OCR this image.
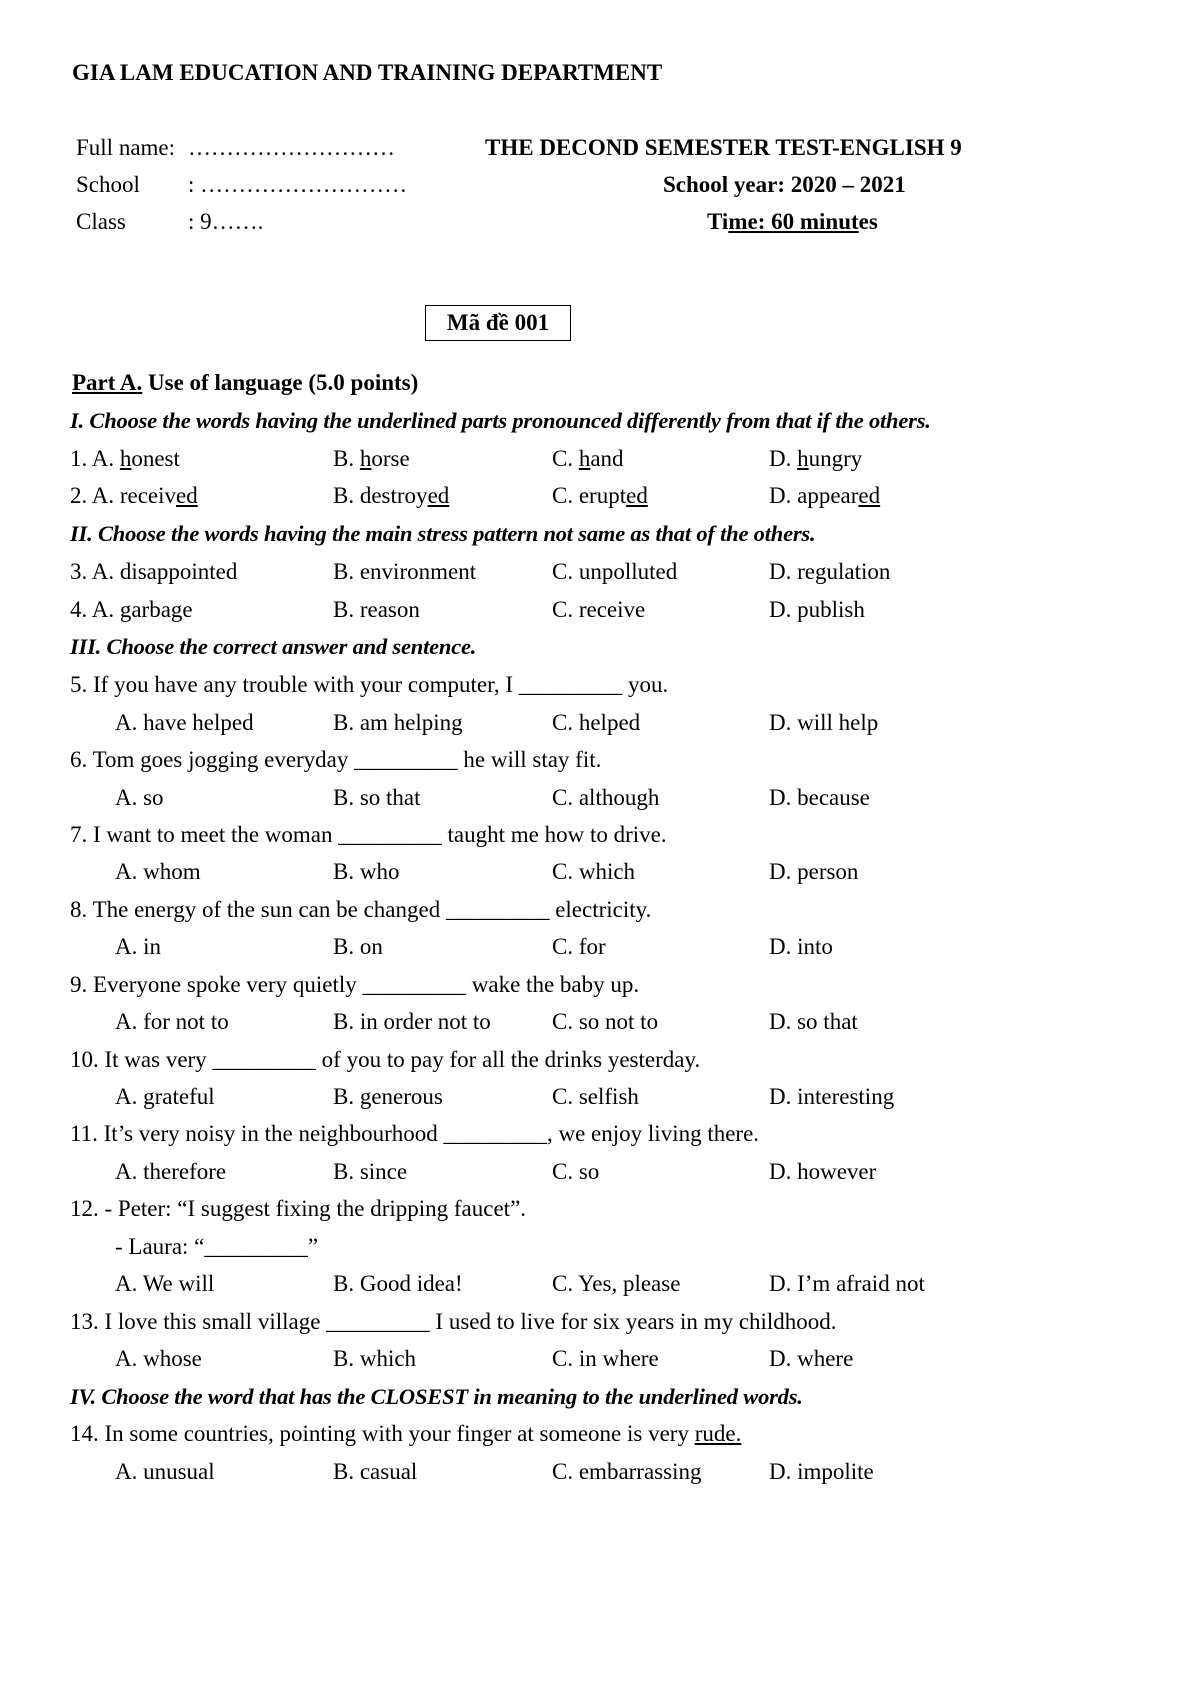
GIA LAM EDUCATION AND TRAINING DEPARTMENT
Full name: ………………………
School : ………………………
Class	: 9…….
THE DECOND SEMESTER TEST-ENGLISH 9
School year: 2020 – 2021
Time: 60 minutes
Mã đề 001
Part A. Use of language (5.0 points)
I. Choose the words having the underlined parts pronounced differently from that if the others.
1. A. honest	B. horse	C. hand	D. hungry
2. A. received	B. destroyed	C. erupted	D. appeared
II. Choose the words having the main stress pattern not same as that of the others.
3. A. disappointed	B. environment	C. unpolluted	D. regulation
4. A. garbage	B. reason	C. receive	D. publish
III. Choose the correct answer and sentence.
5. If you have any trouble with your computer, I _________ you.
A. have helped	B. am helping	C. helped	D. will help
6. Tom goes jogging everyday _________ he will stay fit.
A. so	B. so that	C. although	D. because
7. I want to meet the woman _________ taught me how to drive.
A. whom	B. who	C. which	D. person
8. The energy of the sun can be changed _________ electricity.
A. in	B. on	C. for	D. into
9. Everyone spoke very quietly _________ wake the baby up.
A. for not to	B. in order not to	C. so not to	D. so that
10. It was very _________ of you to pay for all the drinks yesterday.
A. grateful	B. generous	C. selfish	D. interesting
11. It’s very noisy in the neighbourhood _________, we enjoy living there.
A. therefore	B. since	C. so	D. however
12. - Peter: “I suggest fixing the dripping faucet”.
- Laura: “_________”
A. We will	B. Good idea!	C. Yes, please	D. I’m afraid not
13. I love this small village _________ I used to live for six years in my childhood.
A. whose	B. which	C. in where	D. where
IV. Choose the word that has the CLOSEST in meaning to the underlined words.
14. In some countries, pointing with your finger at someone is very rude.
A. unusual	B. casual	C. embarrassing	D. impolite
